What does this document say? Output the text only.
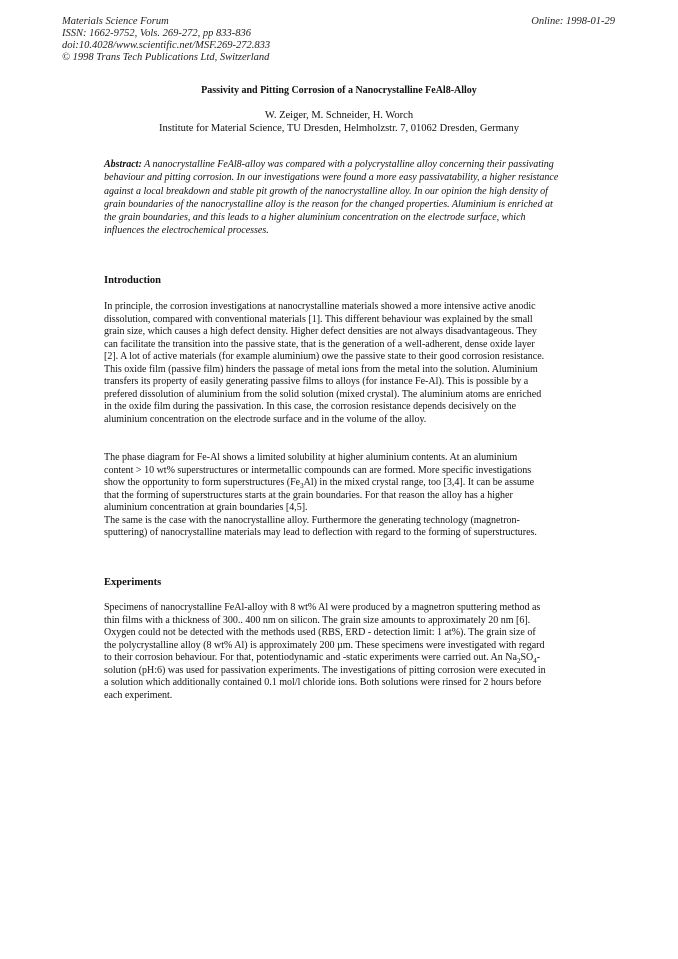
Materials Science Forum
ISSN: 1662-9752, Vols. 269-272, pp 833-836
doi:10.4028/www.scientific.net/MSF.269-272.833
© 1998 Trans Tech Publications Ltd, Switzerland
Online: 1998-01-29
Passivity and Pitting Corrosion of a Nanocrystalline FeAl8-Alloy
W. Zeiger, M. Schneider, H. Worch
Institute for Material Science, TU Dresden, Helmholzstr. 7, 01062 Dresden, Germany

Abstract: A nanocrystalline FeAl8-alloy was compared with a polycrystalline alloy concerning their passivating behaviour and pitting corrosion. In our investigations were found a more easy passivatability, a higher resistance against a local breakdown and stable pit growth of the nanocrystalline alloy. In our opinion the high density of grain boundaries of the nanocrystalline alloy is the reason for the changed properties. Aluminium is enriched at the grain boundaries, and this leads to a higher aluminium concentration on the electrode surface, which influences the electrochemical processes.

Introduction

In principle, the corrosion investigations at nanocrystalline materials showed a more intensive active anodic dissolution, compared with conventional materials [1]. This different behaviour was explained by the small grain size, which causes a high defect density. Higher defect densities are not always disadvantageous. They can facilitate the transition into the passive state, that is the generation of a well-adherent, dense oxide layer [2]. A lot of active materials (for example aluminium) owe the passive state to their good corrosion resistance. This oxide film (passive film) hinders the passage of metal ions from the metal into the solution. Aluminium transfers its property of easily generating passive films to alloys (for instance Fe-Al). This is possible by a prefered dissolution of aluminium from the solid solution (mixed crystal). The aluminium atoms are enriched in the oxide film during the passivation. In this case, the corrosion resistance depends decisively on the aluminium concentration on the electrode surface and in the volume of the alloy.

The phase diagram for Fe-Al shows a limited solubility at higher aluminium contents. At an aluminium content > 10 wt% superstructures or intermetallic compounds can are formed. More specific investigations show the opportunity to form superstructures $(Fe_3Al)$ in the mixed crystal range, too [3,4]. It can be assume that the forming of superstructures starts at the grain boundaries. For that reason the alloy has a higher aluminium concentration at grain boundaries [4,5].

The same is the case with the nanocrystalline alloy. Furthermore the generating technology (magnetron-sputtering) of nanocrystalline materials may lead to deflection with regard to the forming of superstructures.

Experiments

Specimens of nanocrystalline FeAl-alloy with 8 wt% Al were produced by a magnetron sputtering method as thin films with a thickness of 300.. 400 nm on silicon. The grain size amounts to approximately 20 nm [6]. Oxygen could not be detected with the methods used (RBS, ERD - detection limit: 1 at%). The grain size of the polycrystalline alloy (8 wt% Al) is approximately 200 µm. These specimens were investigated with regard to their corrosion behaviour. For that, potentiodynamic and -static experiments were carried out. An $Na_2SO_4$-solution (pH:6) was used for passivation experiments. The investigations of pitting corrosion were executed in a solution which additionally contained 0.1 mol/l chloride ions. Both solutions were rinsed for 2 hours before each experiment.
